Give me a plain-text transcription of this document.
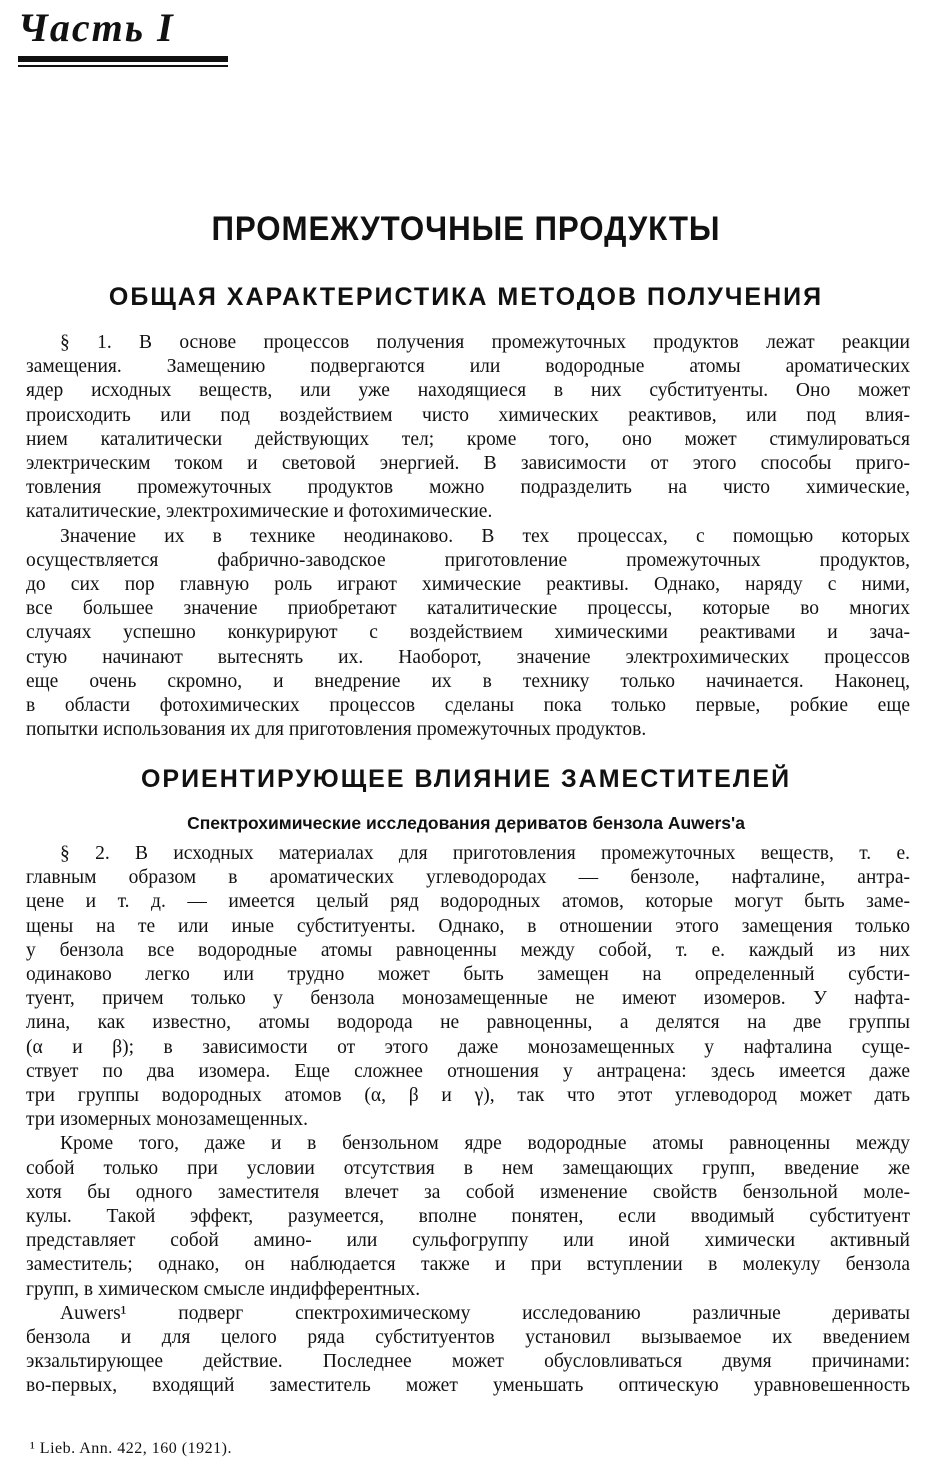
Часть I
ПРОМЕЖУТОЧНЫЕ ПРОДУКТЫ
ОБЩАЯ ХАРАКТЕРИСТИКА МЕТОДОВ ПОЛУЧЕНИЯ
§ 1. В основе процессов получения промежуточных продуктов лежат реакции
замещения. Замещению подвергаются или водородные атомы ароматических
ядер исходных веществ, или уже находящиеся в них субституенты. Оно может
происходить или под воздействием чисто химических реактивов, или под влия-
нием каталитически действующих тел; кроме того, оно может стимулироваться
электрическим током и световой энергией. В зависимости от этого способы приго-
товления промежуточных продуктов можно подразделить на чисто химические,
каталитические, электрохимические и фотохимические.
Значение их в технике неодинаково. В тех процессах, с помощью которых
осуществляется фабрично-заводское приготовление промежуточных продуктов,
до сих пор главную роль играют химические реактивы. Однако, наряду с ними,
все большее значение приобретают каталитические процессы, которые во многих
случаях успешно конкурируют с воздействием химическими реактивами и зача-
стую начинают вытеснять их. Наоборот, значение электрохимических процессов
еще очень скромно, и внедрение их в технику только начинается. Наконец,
в области фотохимических процессов сделаны пока только первые, робкие еще
попытки использования их для приготовления промежуточных продуктов.
ОРИЕНТИРУЮЩЕЕ ВЛИЯНИЕ ЗАМЕСТИТЕЛЕЙ
Спектрохимические исследования дериватов бензола Auwers'a
§ 2. В исходных материалах для приготовления промежуточных веществ, т. е.
главным образом в ароматических углеводородах — бензоле, нафталине, антра-
цене и т. д. — имеется целый ряд водородных атомов, которые могут быть заме-
щены на те или иные субституенты. Однако, в отношении этого замещения только
у бензола все водородные атомы равноценны между собой, т. е. каждый из них
одинаково легко или трудно может быть замещен на определенный субсти-
туент, причем только у бензола монозамещенные не имеют изомеров. У нафта-
лина, как известно, атомы водорода не равноценны, а делятся на две группы
(α и β); в зависимости от этого даже монозамещенных у нафталина суще-
ствует по два изомера. Еще сложнее отношения у антрацена: здесь имеется даже
три группы водородных атомов (α, β и γ), так что этот углеводород может дать
три изомерных монозамещенных.
Кроме того, даже и в бензольном ядре водородные атомы равноценны между
собой только при условии отсутствия в нем замещающих групп, введение же
хотя бы одного заместителя влечет за собой изменение свойств бензольной моле-
кулы. Такой эффект, разумеется, вполне понятен, если вводимый субституент
представляет собой амино- или сульфогруппу или иной химически активный
заместитель; однако, он наблюдается также и при вступлении в молекулу бензола
групп, в химическом смысле индифферентных.
Auwers¹ подверг спектрохимическому исследованию различные дериваты
бензола и для целого ряда субституентов установил вызываемое их введением
экзальтирующее действие. Последнее может обусловливаться двумя причинами:
во-первых, входящий заместитель может уменьшать оптическую уравновешенность
¹ Lieb. Ann. 422, 160 (1921).
